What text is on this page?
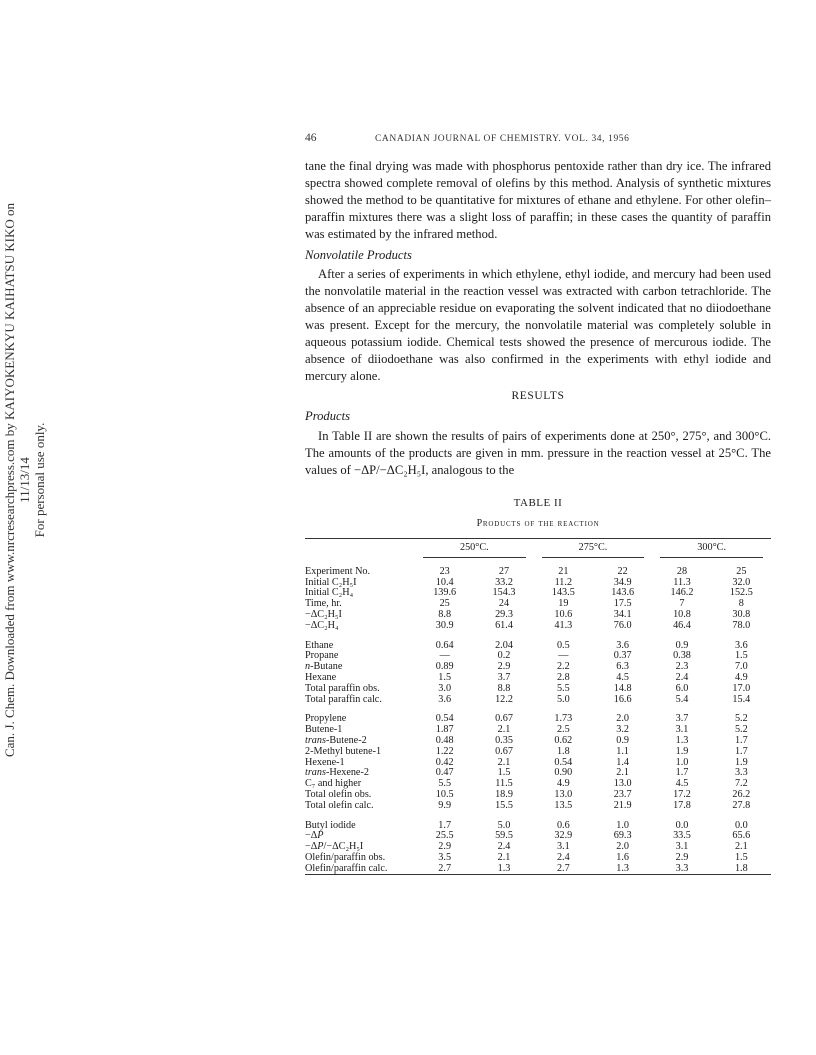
Can. J. Chem. Downloaded from www.nrcresearchpress.com by KAIYOKENKYU KAIHATSU KIKO on 11/13/14 For personal use only.
46	CANADIAN JOURNAL OF CHEMISTRY. VOL. 34, 1956

tane the final drying was made with phosphorus pentoxide rather than dry ice. The infrared spectra showed complete removal of olefins by this method. Analysis of synthetic mixtures showed the method to be quantitative for mixtures of ethane and ethylene. For other olefin–paraffin mixtures there was a slight loss of paraffin; in these cases the quantity of paraffin was estimated by the infrared method.

Nonvolatile Products

After a series of experiments in which ethylene, ethyl iodide, and mercury had been used the nonvolatile material in the reaction vessel was extracted with carbon tetrachloride. The absence of an appreciable residue on evaporating the solvent indicated that no diiodoethane was present. Except for the mercury, the nonvolatile material was completely soluble in aqueous potassium iodide. Chemical tests showed the presence of mercurous iodide. The absence of diiodoethane was also confirmed in the experiments with ethyl iodide and mercury alone.

RESULTS
Products

In Table II are shown the results of pairs of experiments done at 250°, 275°, and 300°C. The amounts of the products are given in mm. pressure in the reaction vessel at 25°C. The values of −ΔP/−ΔC₂H₅I, analogous to the

TABLE II
Products of the reaction

	250°C.		275°C.		300°C.	

Experiment No.	23	27	21	22	28	25
Initial C₂H₅I	10.4	33.2	11.2	34.9	11.3	32.0
Initial C₂H₄	139.6	154.3	143.5	143.6	146.2	152.5
Time, hr.	25	24	19	17.5	7	8
−ΔC₂H₅I	8.8	29.3	10.6	34.1	10.8	30.8
−ΔC₂H₄	30.9	61.4	41.3	76.0	46.4	78.0

Ethane	0.64	2.04	0.5	3.6	0.9	3.6
Propane	—	0.2	—	0.37	0.38	1.5
n-Butane	0.89	2.9	2.2	6.3	2.3	7.0
Hexane	1.5	3.7	2.8	4.5	2.4	4.9
Total paraffin obs.	3.0	8.8	5.5	14.8	6.0	17.0
Total paraffin calc.	3.6	12.2	5.0	16.6	5.4	15.4

Propylene	0.54	0.67	1.73	2.0	3.7	5.2
Butene-1	1.87	2.1	2.5	3.2	3.1	5.2
trans-Butene-2	0.48	0.35	0.62	0.9	1.3	1.7
2-Methyl butene-1	1.22	0.67	1.8	1.1	1.9	1.7
Hexene-1	0.42	2.1	0.54	1.4	1.0	1.9
trans-Hexene-2	0.47	1.5	0.90	2.1	1.7	3.3
C₇ and higher	5.5	11.5	4.9	13.0	4.5	7.2
Total olefin obs.	10.5	18.9	13.0	23.7	17.2	26.2
Total olefin calc.	9.9	15.5	13.5	21.9	17.8	27.8

Butyl iodide	1.7	5.0	0.6	1.0	0.0	0.0
−ΔP	25.5	59.5	32.9	69.3	33.5	65.6
−ΔP/−ΔC₂H₅I	2.9	2.4	3.1	2.0	3.1	2.1
Olefin/paraffin obs.	3.5	2.1	2.4	1.6	2.9	1.5
Olefin/paraffin calc.	2.7	1.3	2.7	1.3	3.3	1.8
